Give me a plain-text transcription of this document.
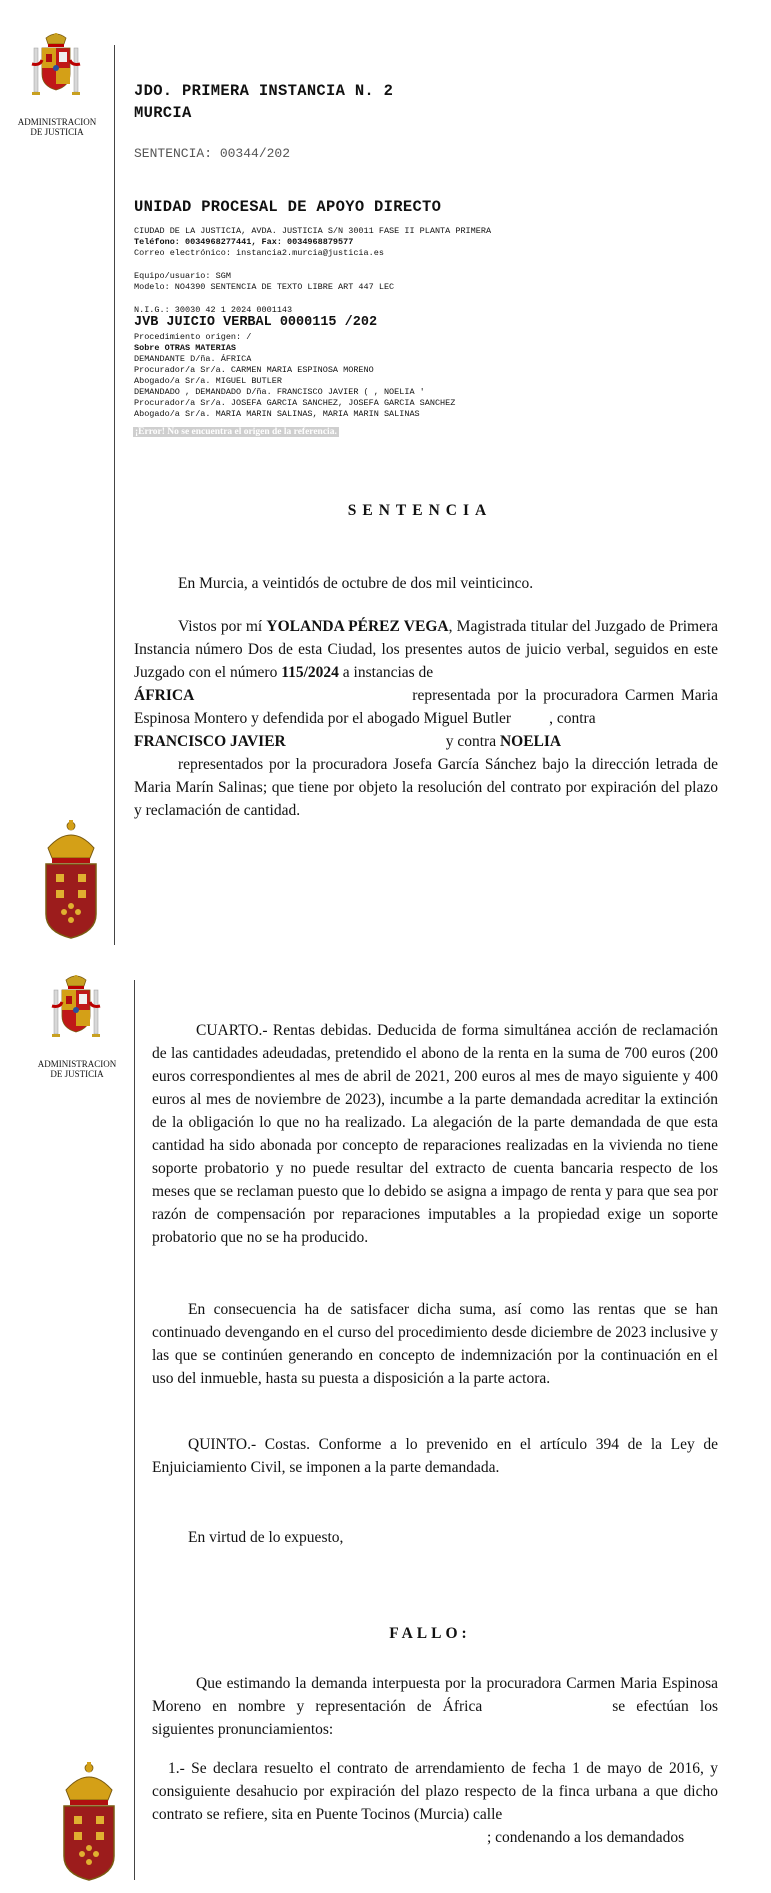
ADMINISTRACION
DE JUSTICIA
JDO. PRIMERA INSTANCIA N. 2
MURCIA
SENTENCIA: 00344/202
UNIDAD PROCESAL DE APOYO DIRECTO
CIUDAD DE LA JUSTICIA, AVDA. JUSTICIA S/N 30011 FASE II PLANTA PRIMERA
Teléfono: 0034968277441, Fax: 0034968879577
Correo electrónico: instancia2.murcia@justicia.es
Equipo/usuario: SGM
Modelo: NO4390 SENTENCIA DE TEXTO LIBRE ART 447 LEC
N.I.G.: 30030 42 1 2024 0001143
JVB JUICIO VERBAL 0000115 /202
Procedimiento origen: /
Sobre OTRAS MATERIAS
DEMANDANTE D/ña. ÁFRICA
Procurador/a Sr/a. CARMEN MARIA ESPINOSA MORENO
Abogado/a Sr/a. MIGUEL BUTLER
DEMANDADO , DEMANDADO D/ña. FRANCISCO JAVIER ( , NOELIA '
Procurador/a Sr/a. JOSEFA GARCIA SANCHEZ, JOSEFA GARCIA SANCHEZ
Abogado/a Sr/a. MARIA MARIN SALINAS, MARIA MARIN SALINAS
¡Error! No se encuentra el origen de la referencia.
SENTENCIA
En Murcia, a veintidós de octubre de dos mil veinticinco.
Vistos por mí YOLANDA PÉREZ VEGA, Magistrada titular del Juzgado de Primera Instancia número Dos de esta Ciudad, los presentes autos de juicio verbal, seguidos en este Juzgado con el número 115/2024 a instancias de
ÁFRICA	representada por la procuradora Carmen Maria Espinosa Montero y defendida por el abogado Miguel Butler , contra
FRANCISCO JAVIER	y contra NOELIA
representados por la procuradora Josefa García Sánchez bajo la dirección letrada de Maria Marín Salinas; que tiene por objeto la resolución del contrato por expiración del plazo y reclamación de cantidad.
ADMINISTRACION
DE JUSTICIA
CUARTO.- Rentas debidas. Deducida de forma simultánea acción de reclamación de las cantidades adeudadas, pretendido el abono de la renta en la suma de 700 euros (200 euros correspondientes al mes de abril de 2021, 200 euros al mes de mayo siguiente y 400 euros al mes de noviembre de 2023), incumbe a la parte demandada acreditar la extinción de la obligación lo que no ha realizado. La alegación de la parte demandada de que esta cantidad ha sido abonada por concepto de reparaciones realizadas en la vivienda no tiene soporte probatorio y no puede resultar del extracto de cuenta bancaria respecto de los meses que se reclaman puesto que lo debido se asigna a impago de renta y para que sea por razón de compensación por reparaciones imputables a la propiedad exige un soporte probatorio que no se ha producido.
En consecuencia ha de satisfacer dicha suma, así como las rentas que se han continuado devengando en el curso del procedimiento desde diciembre de 2023 inclusive y las que se continúen generando en concepto de indemnización por la continuación en el uso del inmueble, hasta su puesta a disposición a la parte actora.
QUINTO.- Costas. Conforme a lo prevenido en el artículo 394 de la Ley de Enjuiciamiento Civil, se imponen a la parte demandada.
En virtud de lo expuesto,
FALLO:
Que estimando la demanda interpuesta por la procuradora Carmen Maria Espinosa Moreno en nombre y representación de África	se efectúan los siguientes pronunciamientos:
1.- Se declara resuelto el contrato de arrendamiento de fecha 1 de mayo de 2016, y consiguiente desahucio por expiración del plazo respecto de la finca urbana a que dicho contrato se refiere, sita en Puente Tocinos (Murcia) calle
; condenando a los demandados
